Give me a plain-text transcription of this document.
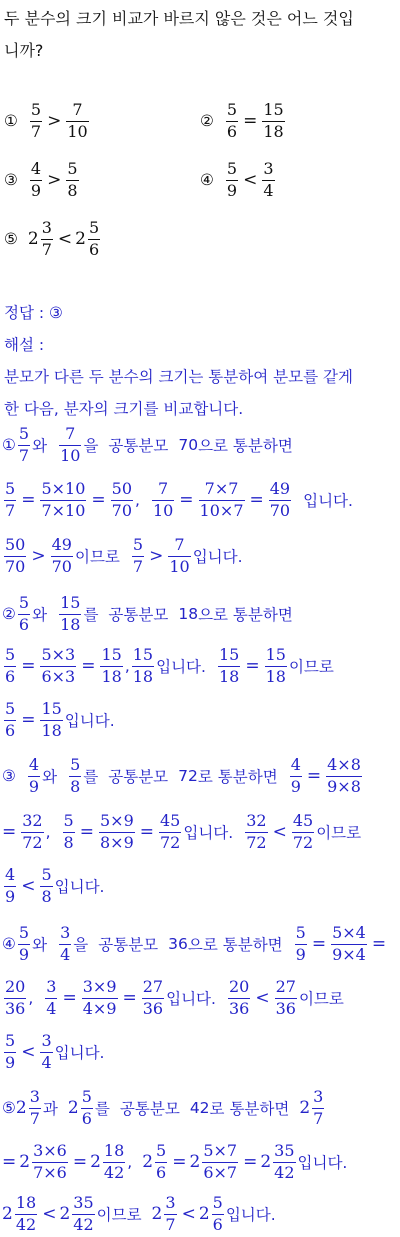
두 분수의 크기 비교가 바르지 않은 것은 어느 것입
니까?
① $\frac{5}{7} > \frac{7}{10}$	② $\frac{5}{6} = \frac{15}{18}$
③ $\frac{4}{9} > \frac{5}{8}$	④ $\frac{5}{9} < \frac{3}{4}$
⑤ $2 \frac{3}{7} < 2 \frac{5}{6}$
정답 : ③
해설 :
분모가 다른 두 분수의 크기는 통분하여 분모를 같게
한 다음, 분자의 크기를 비교합니다.
① $\frac{5}{7}$ 와 $\frac{7}{10}$ 을 공통분모 70 으로 통분하면
$\frac{5}{7} = \frac{5\times 10}{7\times 10} = \frac{50}{70}$ , $\frac{7}{10} = \frac{7\times 7}{10\times 7} = \frac{49}{70}$ 입니다.
$\frac{50}{70} > \frac{49}{70}$ 이므로 $\frac{5}{7} > \frac{7}{10}$ 입니다.
② $\frac{5}{6}$ 와 $\frac{15}{18}$ 를 공통분모 18 으로 통분하면
$\frac{5}{6} = \frac{5\times 3}{6\times 3} = \frac{15}{18}$ , $\frac{15}{18}$ 입니다. $\frac{15}{18} = \frac{15}{18}$ 이므로
$\frac{5}{6} = \frac{15}{18}$ 입니다.
③ $\frac{4}{9}$ 와 $\frac{5}{8}$ 를 공통분모 72 로 통분하면 $\frac{4}{9} = \frac{4\times 8}{9\times 8}$
= $\frac{32}{72}$ , $\frac{5}{8} = \frac{5\times 9}{8\times 9} = \frac{45}{72}$ 입니다. $\frac{32}{72} < \frac{45}{72}$ 이므로
$\frac{4}{9} < \frac{5}{8}$ 입니다.
④ $\frac{5}{9}$ 와 $\frac{3}{4}$ 을 공통분모 36 으로 통분하면 $\frac{5}{9} = \frac{5\times 4}{9\times 4}$ =
$\frac{20}{36}$ , $\frac{3}{4} = \frac{3\times 9}{4\times 9} = \frac{27}{36}$ 입니다. $\frac{20}{36} < \frac{27}{36}$ 이므로
$\frac{5}{9} < \frac{3}{4}$ 입니다.
⑤ $2 \frac{3}{7}$ 과 $2 \frac{5}{6}$ 를 공통분모 42 로 통분하면 $2 \frac{3}{7}$
= $2 \frac{3\times 6}{7\times 6} = 2 \frac{18}{42}$ , $2 \frac{5}{6} = 2 \frac{5\times 7}{6\times 7} = 2 \frac{35}{42}$ 입니다.
$2 \frac{18}{42} < 2 \frac{35}{42}$ 이므로 $2 \frac{3}{7} < 2 \frac{5}{6}$ 입니다.
